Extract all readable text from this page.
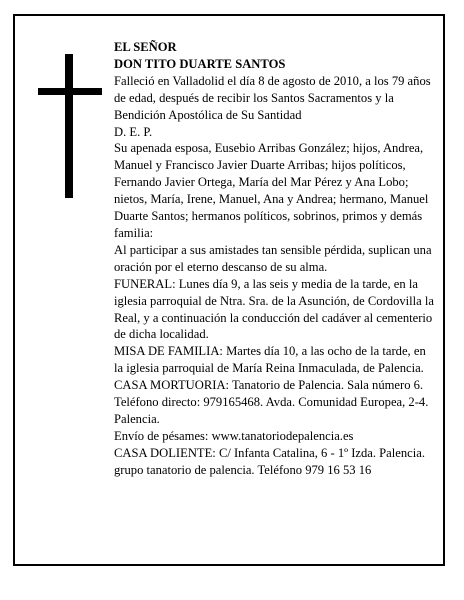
EL SEÑOR

DON TITO DUARTE SANTOS

Falleció en Valladolid el día 8 de agosto de 2010, a los 79 años de edad, después de recibir los Santos Sacramentos y la Bendición Apostólica de Su Santidad

D. E. P.

Su apenada esposa, Eusebio Arribas González; hijos, Andrea, Manuel y Francisco Javier Duarte Arribas; hijos políticos, Fernando Javier Ortega, María del Mar Pérez y Ana Lobo; nietos, María, Irene, Manuel, Ana y Andrea; hermano, Manuel Duarte Santos; hermanos políticos, sobrinos, primos y demás familia:

Al participar a sus amistades tan sensible pérdida, suplican una oración por el eterno descanso de su alma.

FUNERAL: Lunes día 9, a las seis y media de la tarde, en la iglesia parroquial de Ntra. Sra. de la Asunción, de Cordovilla la Real, y a continuación la conducción del cadáver al cementerio de dicha localidad.

MISA DE FAMILIA: Martes día 10, a las ocho de la tarde, en la iglesia parroquial de María Reina Inmaculada, de Palencia.

CASA MORTUORIA: Tanatorio de Palencia. Sala número 6. Teléfono directo: 979165468. Avda. Comunidad Europea, 2-4. Palencia.

Envío de pésames: www.tanatoriodepalencia.es

CASA DOLIENTE: C/ Infanta Catalina, 6 - 1º Izda. Palencia.

grupo tanatorio de palencia. Teléfono 979 16 53 16
